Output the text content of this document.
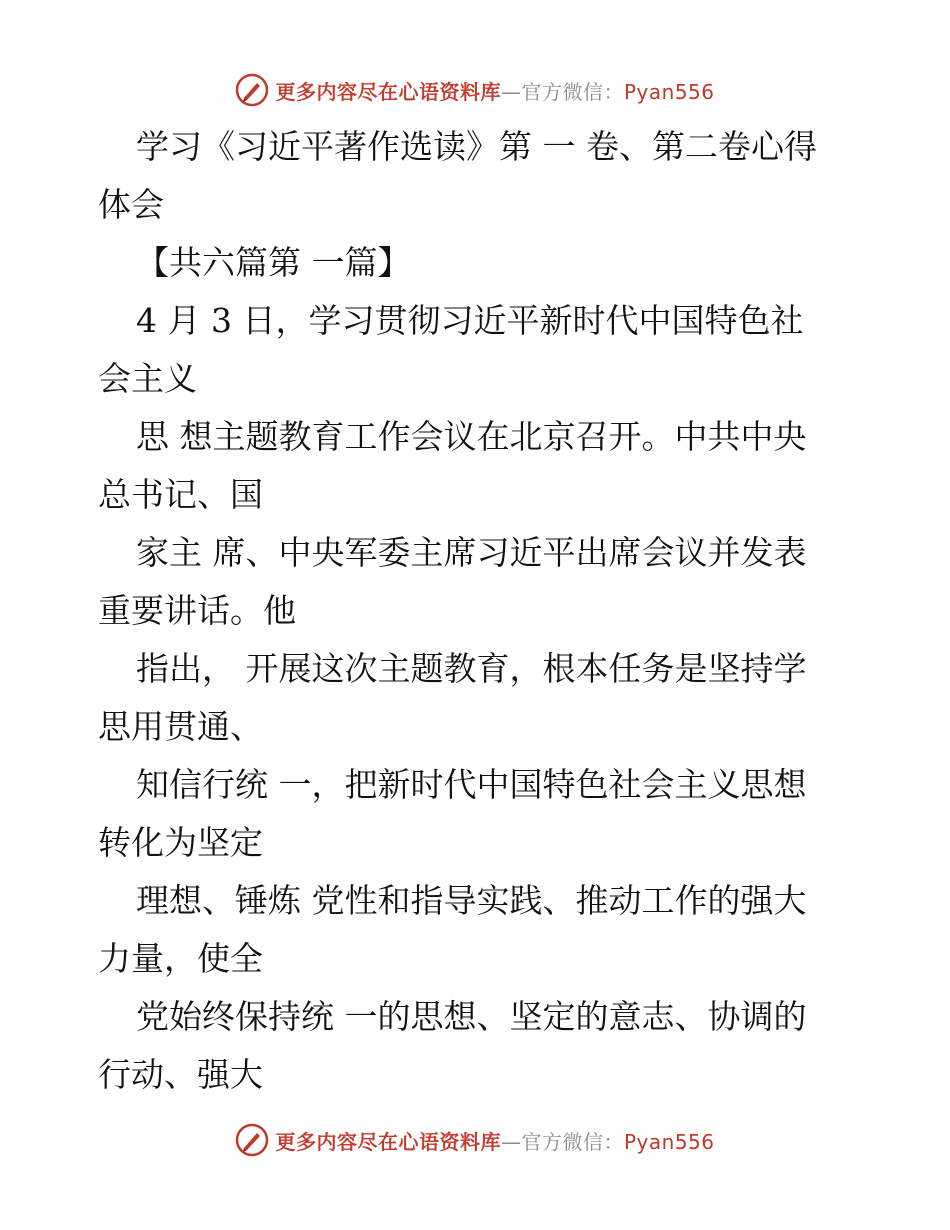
更多内容尽在心语资料库—官方微信：Pyan556
学习《习近平著作选读》第 一 卷、第二卷心得
体会
【共六篇第 一篇】
4 月 3 日，学习贯彻习近平新时代中国特色社
会主义
思 想主题教育工作会议在北京召开。中共中央
总书记、国
家主 席、中央军委主席习近平出席会议并发表
重要讲话。他
指出， 开展这次主题教育，根本任务是坚持学
思用贯通、
知信行统 一，把新时代中国特色社会主义思想
转化为坚定
理想、锤炼 党性和指导实践、推动工作的强大
力量，使全
党始终保持统 一的思想、坚定的意志、协调的
行动、强大
更多内容尽在心语资料库—官方微信：Pyan556
